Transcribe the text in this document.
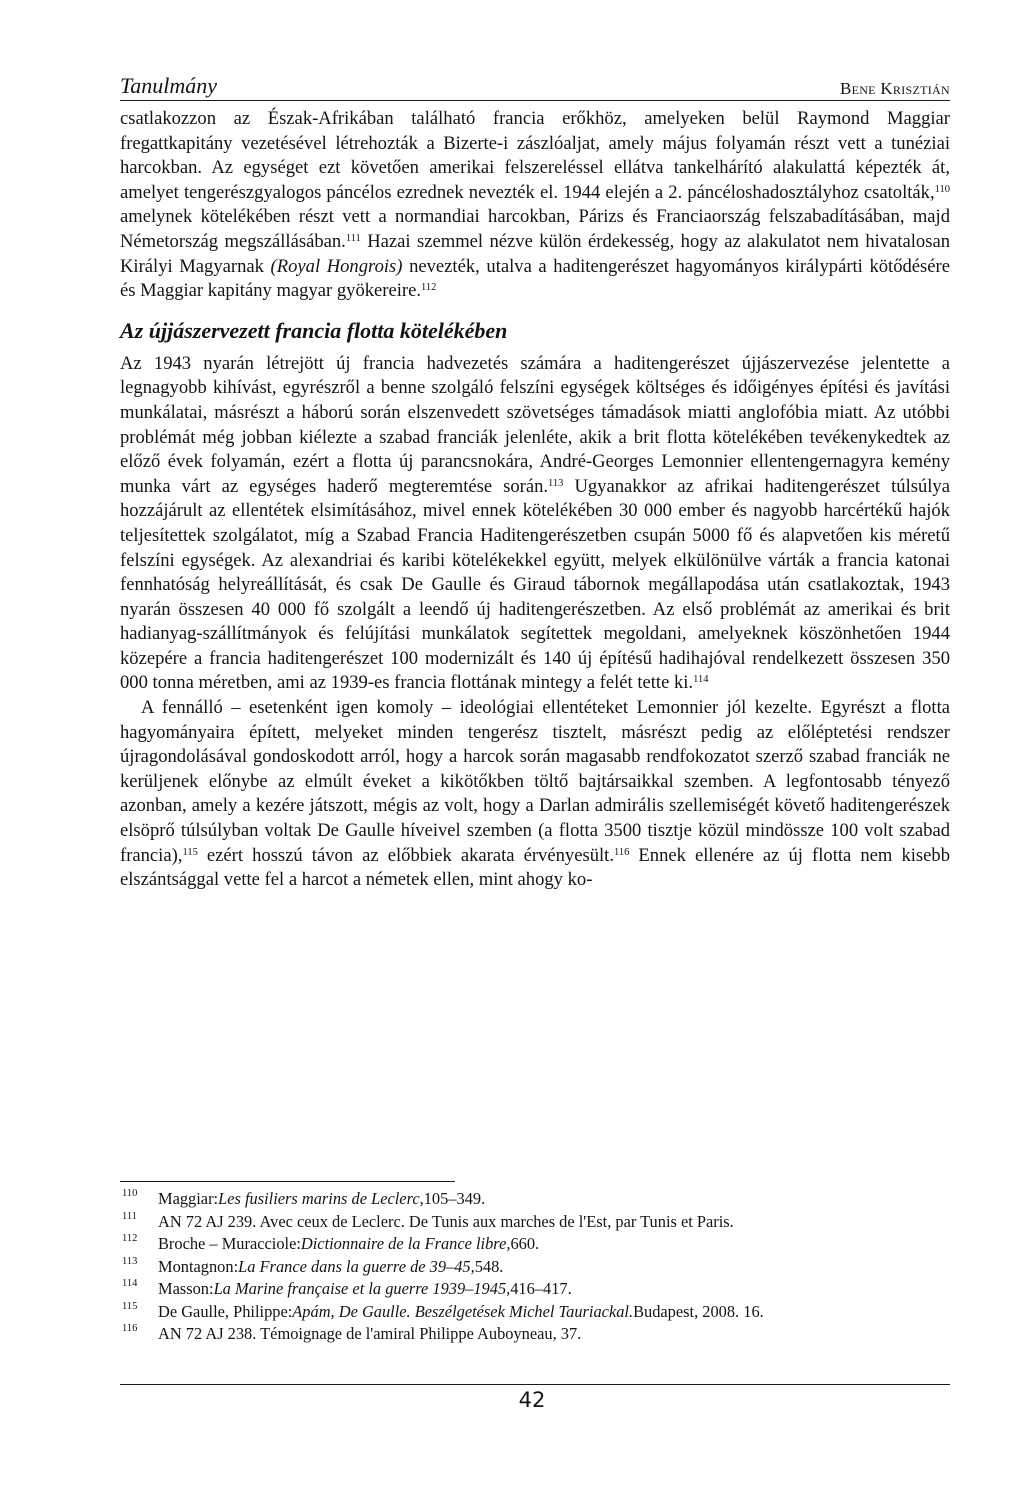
Tanulmány	Bene Krisztián

csatlakozzon az Észak-Afrikában található francia erőkhöz, amelyeken belül Raymond Maggiar fregattkapitány vezetésével létrehozták a Bizerte-i zászlóaljat, amely május folyamán részt vett a tunéziai harcokban. Az egységet ezt követően amerikai felszereléssel ellátva tankelhárító alakulattá képezték át, amelyet tengerészgyalogos páncélos ezrednek nevezték el. 1944 elején a 2. páncéloshadosztályhoz csatolták,$^{110}$ amelynek kötelékében részt vett a normandiai harcokban, Párizs és Franciaország felszabadításában, majd Németország megszállásában.$^{111}$ Hazai szemmel nézve külön érdekesség, hogy az alakulatot nem hivatalosan Királyi Magyarnak (Royal Hongrois) nevezték, utalva a haditengerészet hagyományos királypárti kötődésére és Maggiar kapitány magyar gyökereire.$^{112}$

Az újjászervezett francia flotta kötelékében

Az 1943 nyarán létrejött új francia hadvezetés számára a haditengerészet újjászervezése jelentette a legnagyobb kihívást, egyrészről a benne szolgáló felszíni egységek költséges és időigényes építési és javítási munkálatai, másrészt a háború során elszenvedett szövetséges támadások miatti anglofóbia miatt. Az utóbbi problémát még jobban kiélezte a szabad franciák jelenléte, akik a brit flotta kötelékében tevékenykedtek az előző évek folyamán, ezért a flotta új parancsnokára, André-Georges Lemonnier ellentengernagyra kemény munka várt az egységes haderő megteremtése során.$^{113}$ Ugyanakkor az afrikai haditengerészet túlsúlya hozzájárult az ellentétek elsimításához, mivel ennek kötelékében 30 000 ember és nagyobb harcértékű hajók teljesítettek szolgálatot, míg a Szabad Francia Haditengerészetben csupán 5000 fő és alapvetően kis méretű felszíni egységek. Az alexandriai és karibi kötelékekkel együtt, melyek elkülönülve várták a francia katonai fennhatóság helyreállítását, és csak De Gaulle és Giraud tábornok megállapodása után csatlakoztak, 1943 nyarán összesen 40 000 fő szolgált a leendő új haditengerészetben. Az első problémát az amerikai és brit hadianyag-szállítmányok és felújítási munkálatok segítettek megoldani, amelyeknek köszönhetően 1944 közepére a francia haditengerészet 100 modernizált és 140 új építésű hadihajóval rendelkezett összesen 350 000 tonna méretben, ami az 1939-es francia flottának mintegy a felét tette ki.$^{114}$

A fennálló – esetenként igen komoly – ideológiai ellentéteket Lemonnier jól kezelte. Egyrészt a flotta hagyományaira épített, melyeket minden tengerész tisztelt, másrészt pedig az előléptetési rendszer újragondolásával gondoskodott arról, hogy a harcok során magasabb rendfokozatot szerző szabad franciák ne kerüljenek előnybe az elmúlt éveket a kikötőkben töltő bajtársaikkal szemben. A legfontosabb tényező azonban, amely a kezére játszott, mégis az volt, hogy a Darlan admirális szellemiségét követő haditengerészek elsöprő túlsúlyban voltak De Gaulle híveivel szemben (a flotta 3500 tisztje közül mindössze 100 volt szabad francia),$^{115}$ ezért hosszú távon az előbbiek akarata érvényesült.$^{116}$ Ennek ellenére az új flotta nem kisebb elszántsággal vette fel a harcot a németek ellen, mint ahogy ko-

110	Maggiar: Les fusiliers marins de Leclerc, 105–349.
111	AN 72 AJ 239. Avec ceux de Leclerc. De Tunis aux marches de l'Est, par Tunis et Paris.
112	Broche – Muracciole: Dictionnaire de la France libre, 660.
113	Montagnon: La France dans la guerre de 39–45, 548.
114	Masson: La Marine française et la guerre 1939–1945, 416–417.
115	De Gaulle, Philippe: Apám, De Gaulle. Beszélgetések Michel Tauriackal. Budapest, 2008. 16.
116	AN 72 AJ 238. Témoignage de l'amiral Philippe Auboyneau, 37.
42
